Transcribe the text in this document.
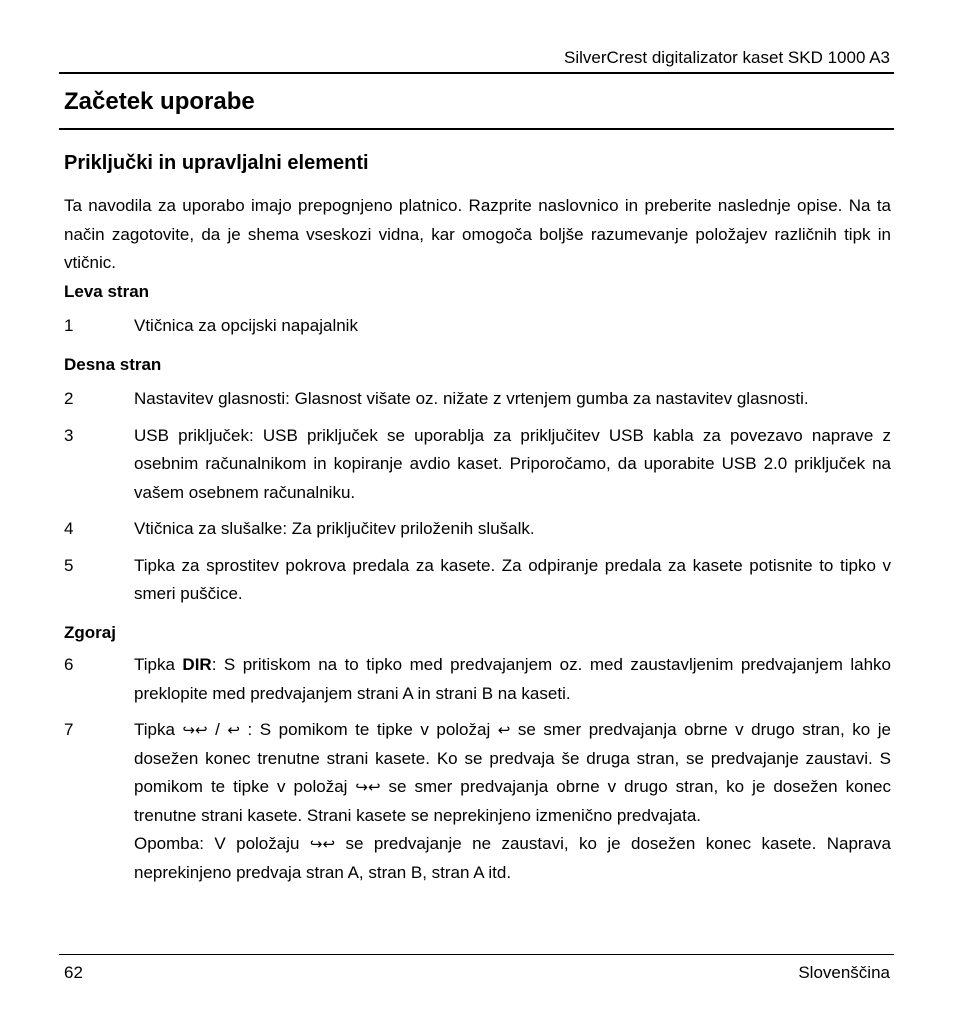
SilverCrest digitalizator kaset SKD 1000 A3
Začetek uporabe
Priključki in upravljalni elementi

Ta navodila za uporabo imajo prepognjeno platnico. Razprite naslovnico in preberite naslednje opise. Na ta način zagotovite, da je shema vseskozi vidna, kar omogoča boljše razumevanje položajev različnih tipk in vtičnic.

Leva stran

1	Vtičnica za opcijski napajalnik

Desna stran

2	Nastavitev glasnosti: Glasnost višate oz. nižate z vrtenjem gumba za nastavitev glasnosti.
3	USB priključek: USB priključek se uporablja za priključitev USB kabla za povezavo naprave z osebnim računalnikom in kopiranje avdio kaset. Priporočamo, da uporabite USB 2.0 priključek na vašem osebnem računalniku.
4	Vtičnica za slušalke: Za priključitev priloženih slušalk.
5	Tipka za sprostitev pokrova predala za kasete. Za odpiranje predala za kasete potisnite to tipko v smeri puščice.

Zgoraj

6	Tipka DIR: S pritiskom na to tipko med predvajanjem oz. med zaustavljenim predvajanjem lahko preklopite med predvajanjem strani A in strani B na kaseti.
7	Tipka ↪↩ / ↩ : S pomikom te tipke v položaj ↩ se smer predvajanja obrne v drugo stran, ko je dosežen konec trenutne strani kasete. Ko se predvaja še druga stran, se predvajanje zaustavi. S pomikom te tipke v položaj ↪↩ se smer predvajanja obrne v drugo stran, ko je dosežen konec trenutne strani kasete. Strani kasete se neprekinjeno izmenično predvajata.
Opomba: V položaju ↪↩ se predvajanje ne zaustavi, ko je dosežen konec kasete. Naprava neprekinjeno predvaja stran A, stran B, stran A itd.
62	Slovenščina
